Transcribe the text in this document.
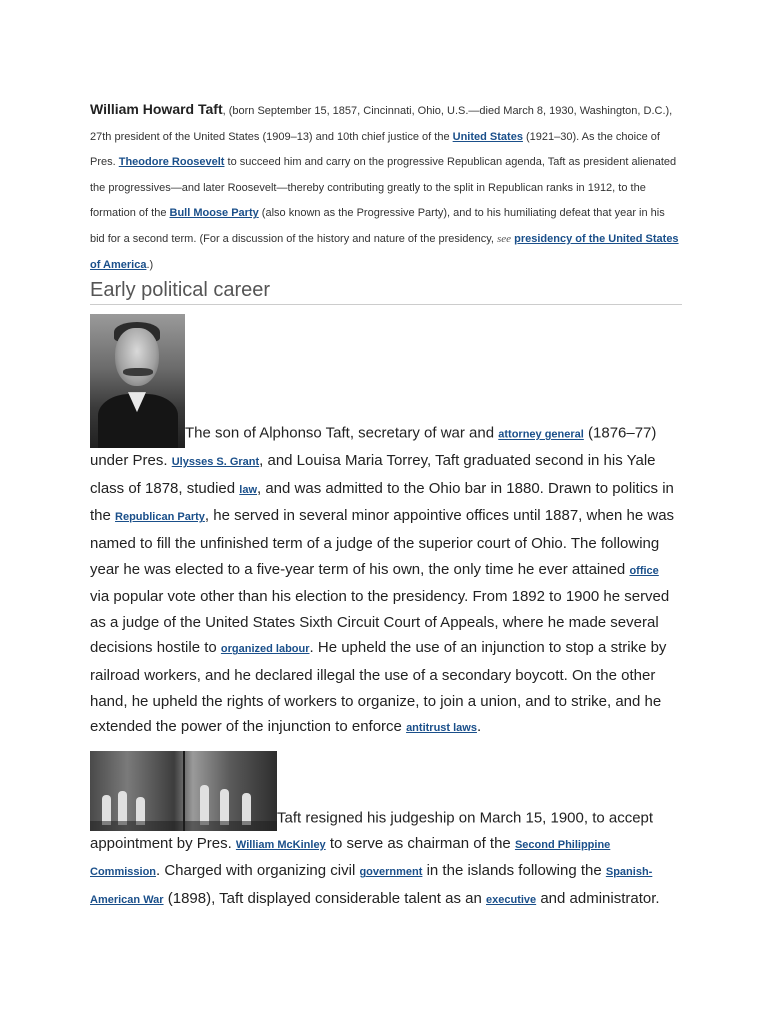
William Howard Taft, (born September 15, 1857, Cincinnati, Ohio, U.S.—died March 8, 1930, Washington, D.C.), 27th president of the United States (1909–13) and 10th chief justice of the United States (1921–30). As the choice of Pres. Theodore Roosevelt to succeed him and carry on the progressive Republican agenda, Taft as president alienated the progressives—and later Roosevelt—thereby contributing greatly to the split in Republican ranks in 1912, to the formation of the Bull Moose Party (also known as the Progressive Party), and to his humiliating defeat that year in his bid for a second term. (For a discussion of the history and nature of the presidency, see presidency of the United States of America.)

Early political career

The son of Alphonso Taft, secretary of war and attorney general (1876–77) under Pres. Ulysses S. Grant, and Louisa Maria Torrey, Taft graduated second in his Yale class of 1878, studied law, and was admitted to the Ohio bar in 1880. Drawn to politics in the Republican Party, he served in several minor appointive offices until 1887, when he was named to fill the unfinished term of a judge of the superior court of Ohio. The following year he was elected to a five-year term of his own, the only time he ever attained office via popular vote other than his election to the presidency. From 1892 to 1900 he served as a judge of the United States Sixth Circuit Court of Appeals, where he made several decisions hostile to organized labour. He upheld the use of an injunction to stop a strike by railroad workers, and he declared illegal the use of a secondary boycott. On the other hand, he upheld the rights of workers to organize, to join a union, and to strike, and he extended the power of the injunction to enforce antitrust laws.

Taft resigned his judgeship on March 15, 1900, to accept appointment by Pres. William McKinley to serve as chairman of the Second Philippine Commission. Charged with organizing civil government in the islands following the Spanish-American War (1898), Taft displayed considerable talent as an executive and administrator.
